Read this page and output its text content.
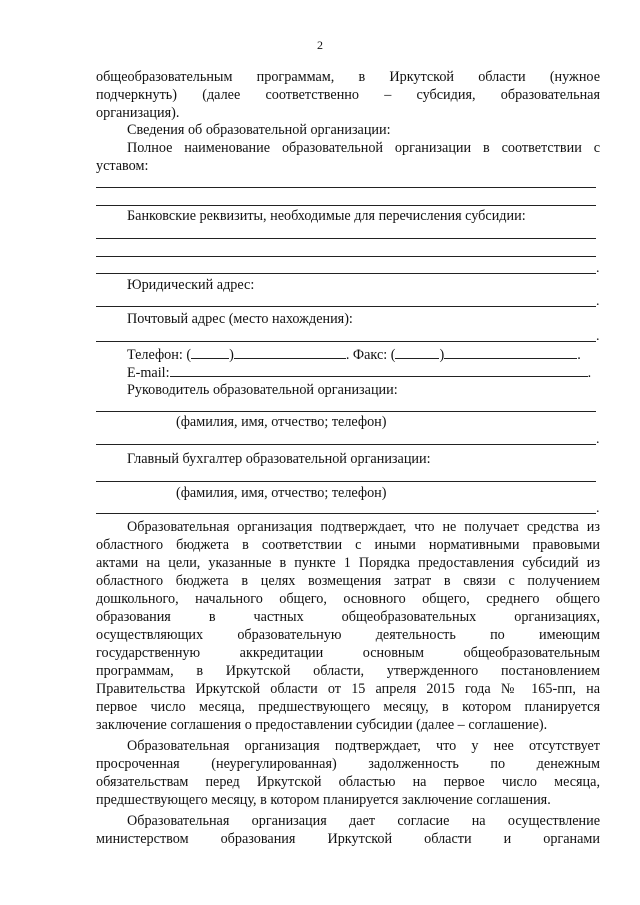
2
общеобразовательным программам, в Иркутской области (нужное
подчеркнуть) (далее соответственно – субсидия, образовательная
организация).
Сведения об образовательной организации:
Полное наименование образовательной организации в соответствии с
уставом:
Банковские реквизиты, необходимые для перечисления субсидии:
.
Юридический адрес:
.
Почтовый адрес (место нахождения):
.
Телефон: (	)	. Факс: (	)	.
E-mail:	.
Руководитель образовательной организации:
(фамилия, имя, отчество; телефон)
.
Главный бухгалтер образовательной организации:
(фамилия, имя, отчество; телефон)
.
Образовательная организация подтверждает, что не получает средства из
областного бюджета в соответствии с иными нормативными правовыми
актами на цели, указанные в пункте 1 Порядка предоставления субсидий из
областного бюджета в целях возмещения затрат в связи с получением
дошкольного, начального общего, основного общего, среднего общего
образования в частных общеобразовательных организациях,
осуществляющих образовательную деятельность по имеющим
государственную аккредитации основным общеобразовательным
программам, в Иркутской области, утвержденного постановлением
Правительства Иркутской области от 15 апреля 2015 года № 165-пп, на
первое число месяца, предшествующего месяцу, в котором планируется
заключение соглашения о предоставлении субсидии (далее – соглашение).
Образовательная организация подтверждает, что у нее отсутствует
просроченная (неурегулированная) задолженность по денежным
обязательствам перед Иркутской областью на первое число месяца,
предшествующего месяцу, в котором планируется заключение соглашения.
Образовательная организация дает согласие на осуществление
министерством образования Иркутской области и органами
